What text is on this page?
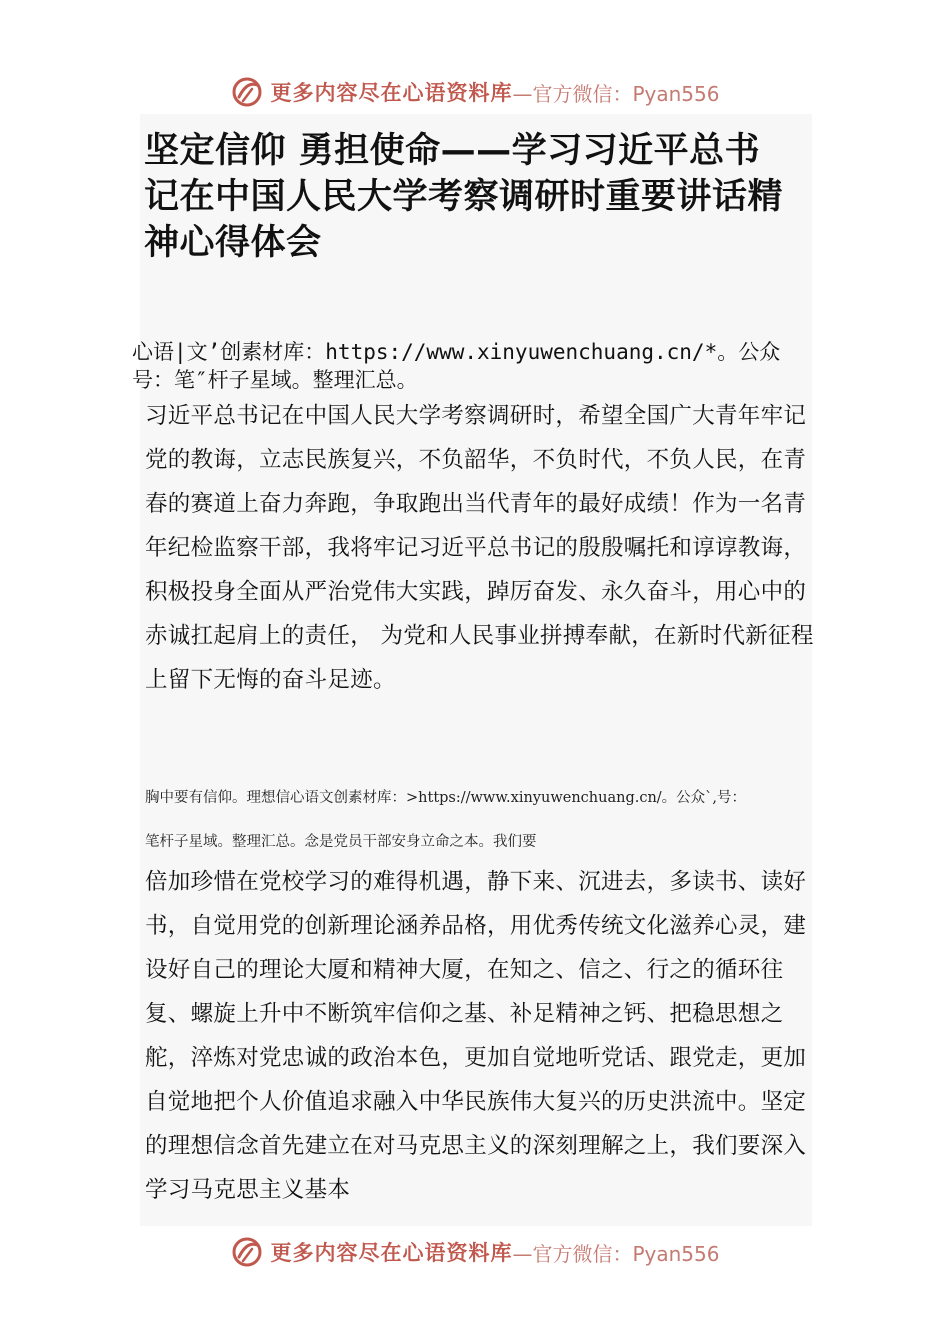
更多内容尽在心语资料库 —官方微信：Pyan556
坚定信仰 勇担使命——学习习近平总书记在中国人民大学考察调研时重要讲话精神心得体会

心语|文’创素材库：https://www.xinyuwenchuang.cn/*。公众号：笔″杆子星域。整理汇总。

习近平总书记在中国人民大学考察调研时，希望全国广大青年牢记党的教诲，立志民族复兴，不负韶华，不负时代，不负人民，在青春的赛道上奋力奔跑，争取跑出当代青年的最好成绩！作为一名青年纪检监察干部，我将牢记习近平总书记的殷殷嘱托和谆谆教诲，积极投身全面从严治党伟大实践，踔厉奋发、永久奋斗，用心中的赤诚扛起肩上的责任， 为党和人民事业拼搏奉献，在新时代新征程上留下无悔的奋斗足迹。

胸中要有信仰。理想信心语文创素材库：>https://www.xinyuwenchuang.cn/。公众`,号：

笔杆子星域。整理汇总。念是党员干部安身立命之本。我们要

倍加珍惜在党校学习的难得机遇，静下来、沉进去，多读书、读好书，自觉用党的创新理论涵养品格，用优秀传统文化滋养心灵，建设好自己的理论大厦和精神大厦，在知之、信之、行之的循环往复、螺旋上升中不断筑牢信仰之基、补足精神之钙、把稳思想之舵，淬炼对党忠诚的政治本色，更加自觉地听党话、跟党走，更加自觉地把个人价值追求融入中华民族伟大复兴的历史洪流中。坚定的理想信念首先建立在对马克思主义的深刻理解之上，我们要深入学习马克思主义基本

更多内容尽在心语资料库 —官方微信：Pyan556
